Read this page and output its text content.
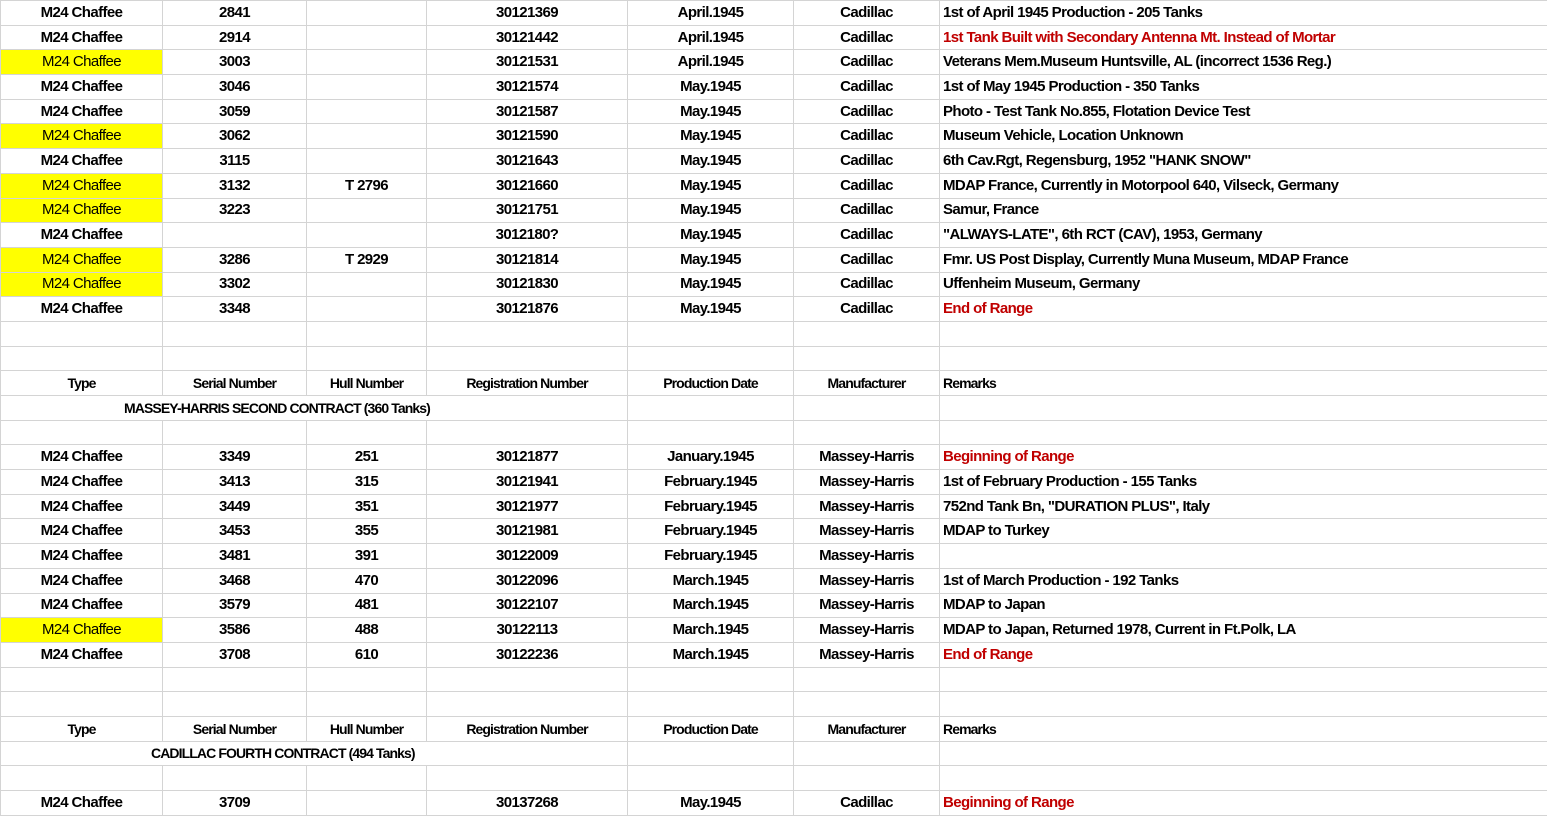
M24 Chaffee	2841		30121369	April.1945	Cadillac	1st of April 1945 Production - 205 Tanks
M24 Chaffee	2914		30121442	April.1945	Cadillac	1st Tank Built with Secondary Antenna Mt. Instead of Mortar
M24 Chaffee	3003		30121531	April.1945	Cadillac	Veterans Mem.Museum Huntsville, AL (incorrect 1536 Reg.)
M24 Chaffee	3046		30121574	May.1945	Cadillac	1st of May 1945 Production - 350 Tanks
M24 Chaffee	3059		30121587	May.1945	Cadillac	Photo - Test Tank No.855, Flotation Device Test
M24 Chaffee	3062		30121590	May.1945	Cadillac	Museum Vehicle, Location Unknown
M24 Chaffee	3115		30121643	May.1945	Cadillac	6th Cav.Rgt, Regensburg, 1952 "HANK SNOW"
M24 Chaffee	3132	T 2796	30121660	May.1945	Cadillac	MDAP France, Currently in Motorpool 640, Vilseck, Germany
M24 Chaffee	3223		30121751	May.1945	Cadillac	Samur, France
M24 Chaffee			3012180?	May.1945	Cadillac	"ALWAYS-LATE", 6th RCT (CAV), 1953, Germany
M24 Chaffee	3286	T 2929	30121814	May.1945	Cadillac	Fmr. US Post Display, Currently Muna Museum, MDAP France
M24 Chaffee	3302		30121830	May.1945	Cadillac	Uffenheim Museum, Germany
M24 Chaffee	3348		30121876	May.1945	Cadillac	End of Range

Type	Serial Number	Hull Number	Registration Number	Production Date	Manufacturer	Remarks
MASSEY-HARRIS SECOND CONTRACT (360 Tanks)						

M24 Chaffee	3349	251	30121877	January.1945	Massey-Harris	Beginning of Range
M24 Chaffee	3413	315	30121941	February.1945	Massey-Harris	1st of February Production - 155 Tanks
M24 Chaffee	3449	351	30121977	February.1945	Massey-Harris	752nd Tank Bn, "DURATION PLUS", Italy
M24 Chaffee	3453	355	30121981	February.1945	Massey-Harris	MDAP to Turkey
M24 Chaffee	3481	391	30122009	February.1945	Massey-Harris	
M24 Chaffee	3468	470	30122096	March.1945	Massey-Harris	1st of March Production - 192 Tanks
M24 Chaffee	3579	481	30122107	March.1945	Massey-Harris	MDAP to Japan
M24 Chaffee	3586	488	30122113	March.1945	Massey-Harris	MDAP to Japan, Returned 1978, Current in Ft.Polk, LA
M24 Chaffee	3708	610	30122236	March.1945	Massey-Harris	End of Range

Type	Serial Number	Hull Number	Registration Number	Production Date	Manufacturer	Remarks
CADILLAC FOURTH CONTRACT (494 Tanks)						

M24 Chaffee	3709		30137268	May.1945	Cadillac	Beginning of Range
